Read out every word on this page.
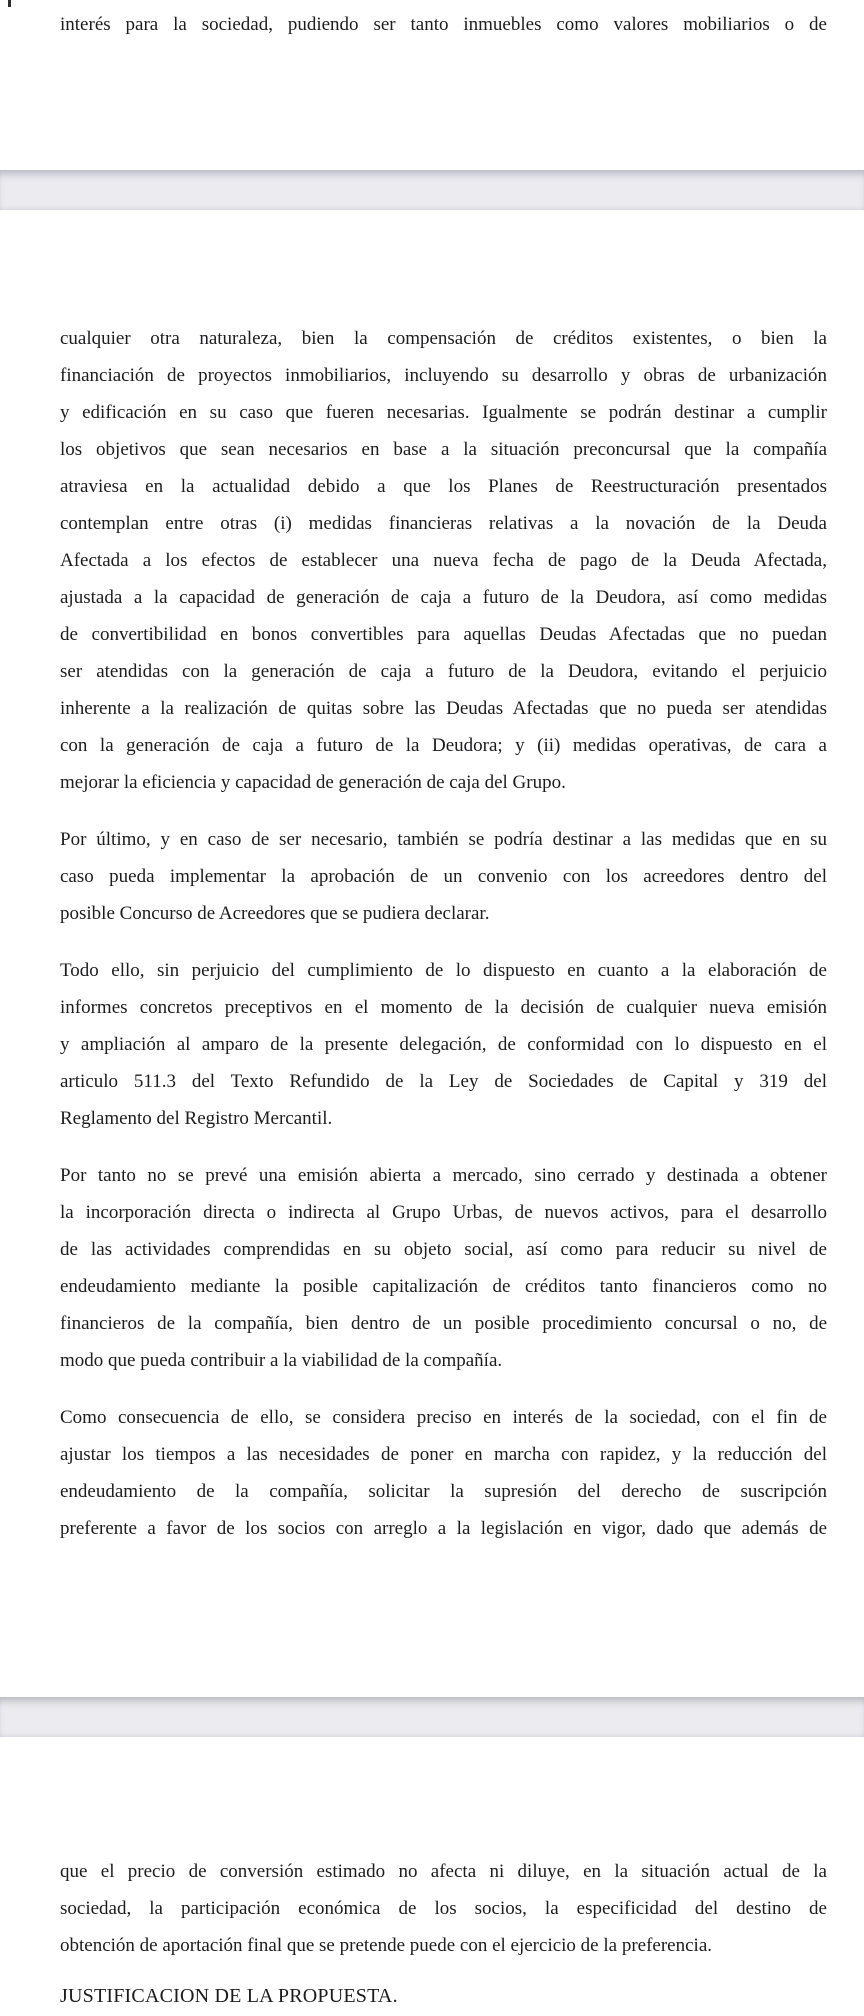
interés para la sociedad, pudiendo ser tanto inmuebles como valores mobiliarios o de
cualquier otra naturaleza, bien la compensación de créditos existentes, o bien la
financiación de proyectos inmobiliarios, incluyendo su desarrollo y obras de urbanización
y edificación en su caso que fueren necesarias. Igualmente se podrán destinar a cumplir
los objetivos que sean necesarios en base a la situación preconcursal que la compañía
atraviesa en la actualidad debido a que los Planes de Reestructuración presentados
contemplan entre otras (i) medidas financieras relativas a la novación de la Deuda
Afectada a los efectos de establecer una nueva fecha de pago de la Deuda Afectada,
ajustada a la capacidad de generación de caja a futuro de la Deudora, así como medidas
de convertibilidad en bonos convertibles para aquellas Deudas Afectadas que no puedan
ser atendidas con la generación de caja a futuro de la Deudora, evitando el perjuicio
inherente a la realización de quitas sobre las Deudas Afectadas que no pueda ser atendidas
con la generación de caja a futuro de la Deudora; y (ii) medidas operativas, de cara a
mejorar la eficiencia y capacidad de generación de caja del Grupo.
Por último, y en caso de ser necesario, también se podría destinar a las medidas que en su
caso pueda implementar la aprobación de un convenio con los acreedores dentro del
posible Concurso de Acreedores que se pudiera declarar.
Todo ello, sin perjuicio del cumplimiento de lo dispuesto en cuanto a la elaboración de
informes concretos preceptivos en el momento de la decisión de cualquier nueva emisión
y ampliación al amparo de la presente delegación, de conformidad con lo dispuesto en el
articulo 511.3 del Texto Refundido de la Ley de Sociedades de Capital y 319 del
Reglamento del Registro Mercantil.
Por tanto no se prevé una emisión abierta a mercado, sino cerrado y destinada a obtener
la incorporación directa o indirecta al Grupo Urbas, de nuevos activos, para el desarrollo
de las actividades comprendidas en su objeto social, así como para reducir su nivel de
endeudamiento mediante la posible capitalización de créditos tanto financieros como no
financieros de la compañía, bien dentro de un posible procedimiento concursal o no, de
modo que pueda contribuir a la viabilidad de la compañía.
Como consecuencia de ello, se considera preciso en interés de la sociedad, con el fin de
ajustar los tiempos a las necesidades de poner en marcha con rapidez, y la reducción del
endeudamiento de la compañía, solicitar la supresión del derecho de suscripción
preferente a favor de los socios con arreglo a la legislación en vigor, dado que además de
que el precio de conversión estimado no afecta ni diluye, en la situación actual de la
sociedad, la participación económica de los socios, la especificidad del destino de
obtención de aportación final que se pretende puede con el ejercicio de la preferencia.
JUSTIFICACION DE LA PROPUESTA.
